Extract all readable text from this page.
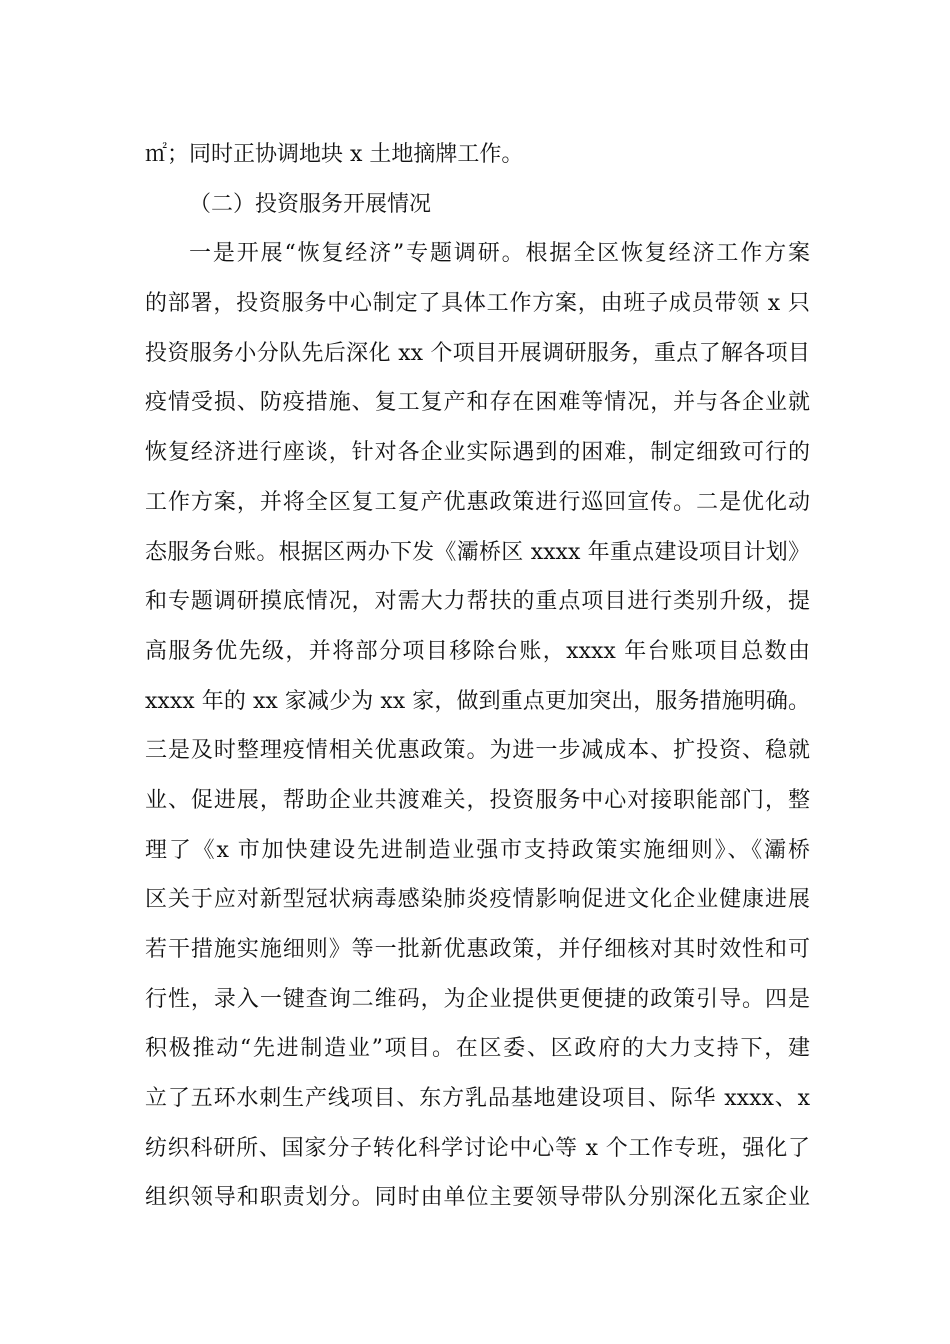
㎡；同时正协调地块 x 土地摘牌工作。
（二）投资服务开展情况
一是开展“恢复经济”专题调研。根据全区恢复经济工作方案
的部署，投资服务中心制定了具体工作方案，由班子成员带领 x 只
投资服务小分队先后深化 xx 个项目开展调研服务，重点了解各项目
疫情受损、防疫措施、复工复产和存在困难等情况，并与各企业就
恢复经济进行座谈，针对各企业实际遇到的困难，制定细致可行的
工作方案，并将全区复工复产优惠政策进行巡回宣传。二是优化动
态服务台账。根据区两办下发《灞桥区 xxxx 年重点建设项目计划》
和专题调研摸底情况，对需大力帮扶的重点项目进行类别升级，提
高服务优先级，并将部分项目移除台账，xxxx 年台账项目总数由
xxxx 年的 xx 家减少为 xx 家，做到重点更加突出，服务措施明确。
三是及时整理疫情相关优惠政策。为进一步减成本、扩投资、稳就
业、促进展，帮助企业共渡难关，投资服务中心对接职能部门，整
理了《x 市加快建设先进制造业强市支持政策实施细则》、《灞桥
区关于应对新型冠状病毒感染肺炎疫情影响促进文化企业健康进展
若干措施实施细则》等一批新优惠政策，并仔细核对其时效性和可
行性，录入一键查询二维码，为企业提供更便捷的政策引导。四是
积极推动“先进制造业”项目。在区委、区政府的大力支持下，建
立了五环水刺生产线项目、东方乳品基地建设项目、际华 xxxx、x
纺织科研所、国家分子转化科学讨论中心等 x 个工作专班，强化了
组织领导和职责划分。同时由单位主要领导带队分别深化五家企业
